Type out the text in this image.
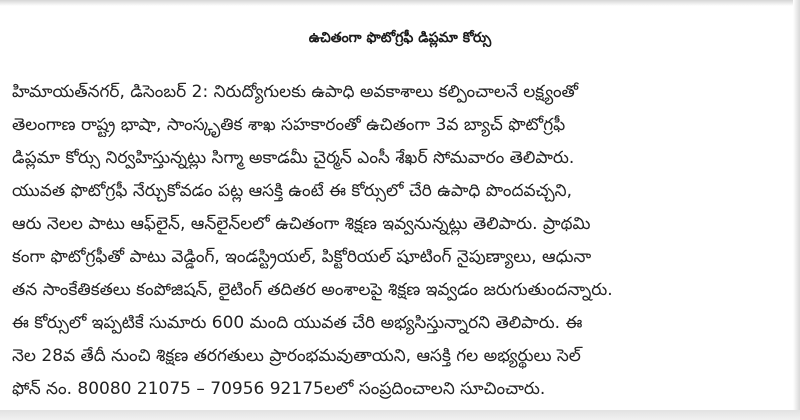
ఉచితంగా ఫొటోగ్రఫీ డిప్లమా కోర్సు
హిమాయత్‌నగర్, డిసెంబర్ 2: నిరుద్యోగులకు ఉపాధి అవకాశాలు కల్పించాలనే లక్ష్యంతో
తెలంగాణ రాష్ట్ర భాషా, సాంస్కృతిక శాఖ సహకారంతో ఉచితంగా 3వ బ్యాచ్ ఫొటోగ్రఫీ
డిప్లమా కోర్సు నిర్వహిస్తున్నట్లు సిగ్మా అకాడమీ చైర్మన్ ఎంసీ శేఖర్ సోమవారం తెలిపారు.
యువత ఫొటోగ్రఫీ నేర్చుకోవడం పట్ల ఆసక్తి ఉంటే ఈ కోర్సులో చేరి ఉపాధి పొందవచ్చని,
ఆరు నెలల పాటు ఆఫ్‌లైన్, ఆన్‌లైన్‌లలో ఉచితంగా శిక్షణ ఇవ్వనున్నట్లు తెలిపారు. ప్రాథమి
కంగా ఫొటోగ్రఫీతో పాటు వెడ్డింగ్, ఇండస్ట్రియల్, పిక్టోరియల్ షూటింగ్ నైపుణ్యాలు, ఆధునా
తన సాంకేతికతలు కంపోజిషన్, లైటింగ్ తదితర అంశాలపై శిక్షణ ఇవ్వడం జరుగుతుందన్నారు.
ఈ కోర్సులో ఇప్పటికే సుమారు 600 మంది యువత చేరి అభ్యసిస్తున్నారని తెలిపారు. ఈ
నెల 28వ తేదీ నుంచి శిక్షణ తరగతులు ప్రారంభమవుతాయని, ఆసక్తి గల అభ్యర్థులు సెల్
ఫోన్ నం. 80080 21075 – 70956 92175లలో సంప్రదించాలని సూచించారు.
